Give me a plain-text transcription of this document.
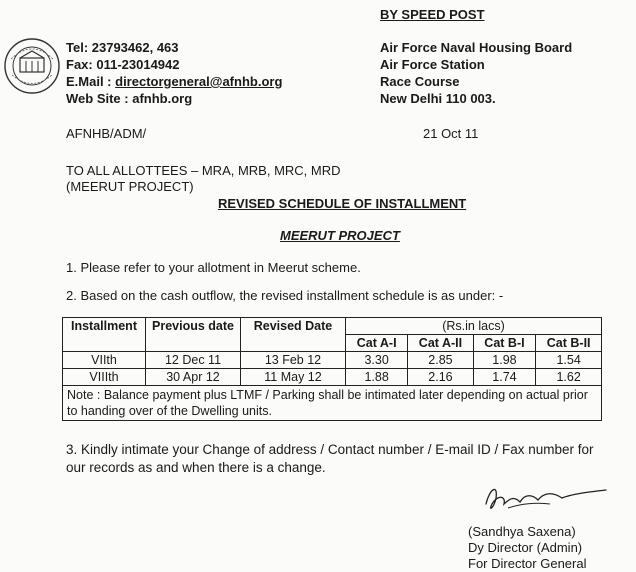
BY SPEED POST
Tel: 23793462, 463
Fax: 011-23014942
E.Mail : directorgeneral@afnhb.org
Web Site : afnhb.org
Air Force Naval Housing Board
Air Force Station
Race Course
New Delhi 110 003.
AFNHB/ADM/	21 Oct 11
TO ALL ALLOTTEES – MRA, MRB, MRC, MRD
(MEERUT PROJECT)
REVISED SCHEDULE OF INSTALLMENT
MEERUT PROJECT
1. Please refer to your allotment in Meerut scheme.
2. Based on the cash outflow, the revised installment schedule is as under: -
Installment	Previous date	Revised Date	(Rs.in lacs)			
			Cat A-I	Cat A-II	Cat B-I	Cat B-II
VIIth	12 Dec 11	13 Feb 12	3.30	2.85	1.98	1.54
VIIIth	30 Apr 12	11 May 12	1.88	2.16	1.74	1.62
Note : Balance payment plus LTMF / Parking shall be intimated later depending on actual prior to handing over of the Dwelling units.						
3. Kindly intimate your Change of address / Contact number / E-mail ID / Fax number for our records as and when there is a change.
(Sandhya Saxena)
Dy Director (Admin)
For Director General
